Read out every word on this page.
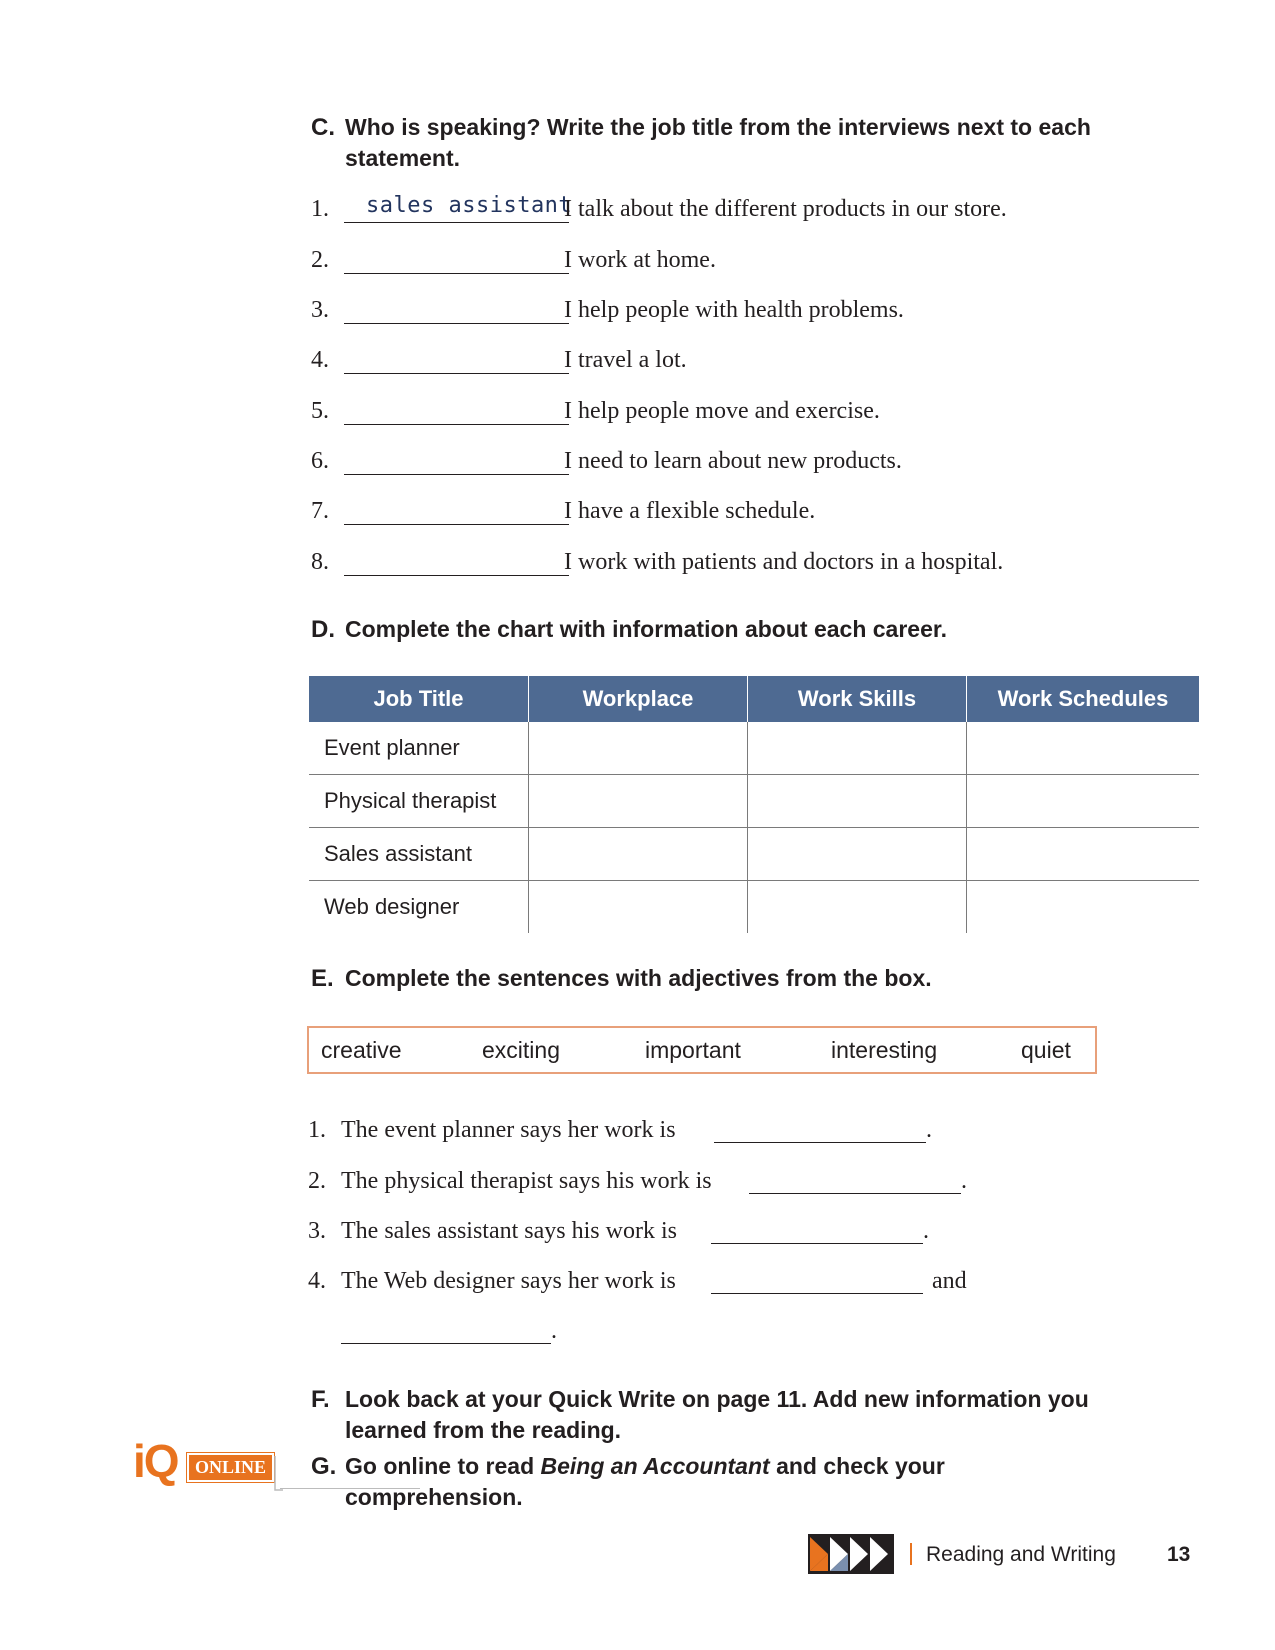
C. Who is speaking? Write the job title from the interviews next to each statement.
1. sales assistant
I talk about the different products in our store.
2.	I work at home.
3.	I help people with health problems.
4.	I travel a lot.
5.	I help people move and exercise.
6.	I need to learn about new products.
7.	I have a flexible schedule.
8.	I work with patients and doctors in a hospital.
D. Complete the chart with information about each career.
Job Title	Workplace	Work Skills	Work Schedules
Event planner			
Physical therapist			
Sales assistant			
Web designer			
E. Complete the sentences with adjectives from the box.
creative	exciting	important	interesting	quiet
1. The event planner says her work is	.
2. The physical therapist says his work is	.
3. The sales assistant says his work is	.
4. The Web designer says her work is	and
.
F. Look back at your Quick Write on page 11. Add new information you learned from the reading.
iQ ONLINE	G. Go online to read Being an Accountant and check your comprehension.
Reading and Writing 13
